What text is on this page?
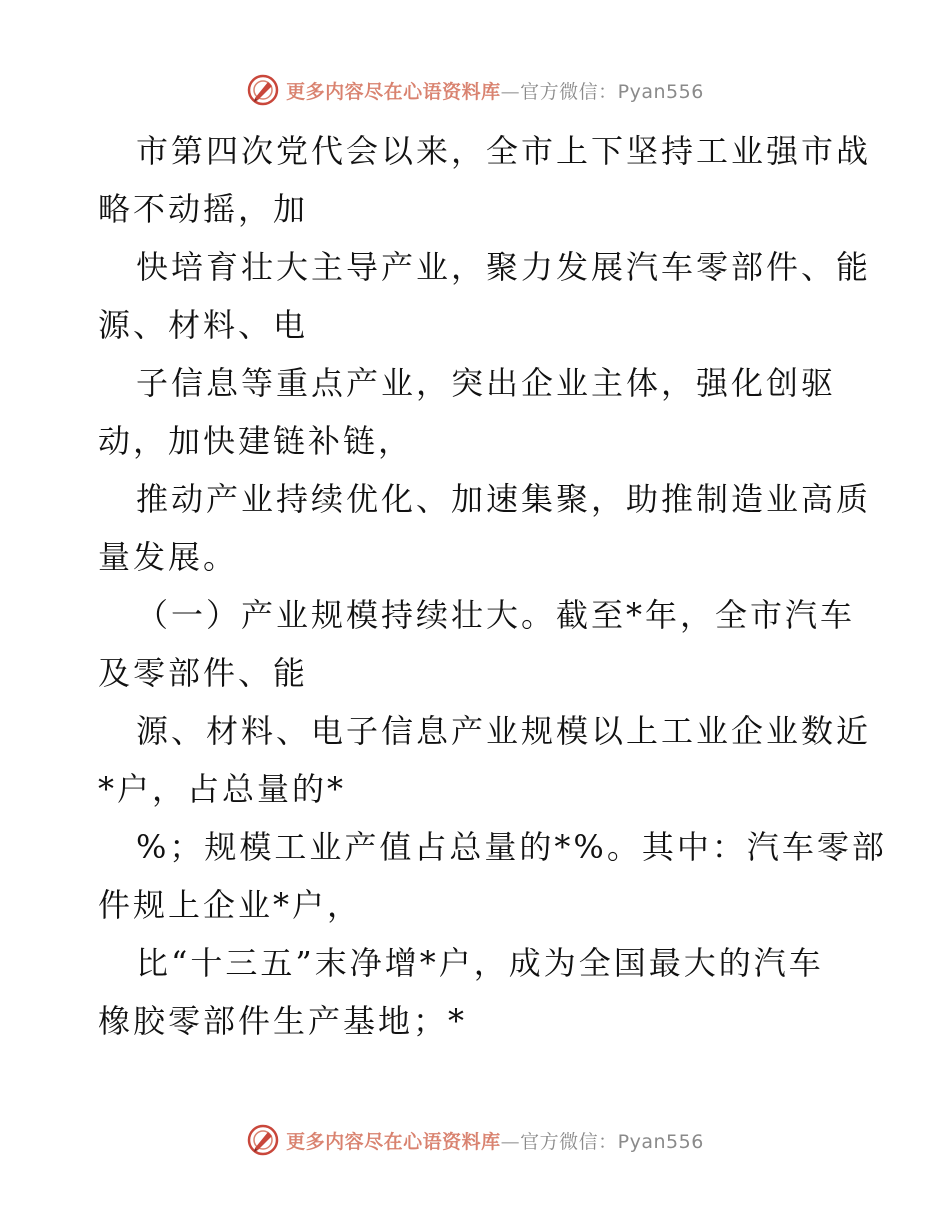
更多内容尽在心语资料库—官方微信：Pyan556
市第四次党代会以来，全市上下坚持工业强市战
略不动摇，加
快培育壮大主导产业，聚力发展汽车零部件、能
源、材料、电
子信息等重点产业，突出企业主体，强化创驱
动，加快建链补链，
推动产业持续优化、加速集聚，助推制造业高质
量发展。
（一）产业规模持续壮大。截至*年，全市汽车
及零部件、能
源、材料、电子信息产业规模以上工业企业数近
*户，占总量的*
%；规模工业产值占总量的*%。其中：汽车零部
件规上企业*户，
比“十三五”末净增*户，成为全国最大的汽车
橡胶零部件生产基地；*
更多内容尽在心语资料库—官方微信：Pyan556
